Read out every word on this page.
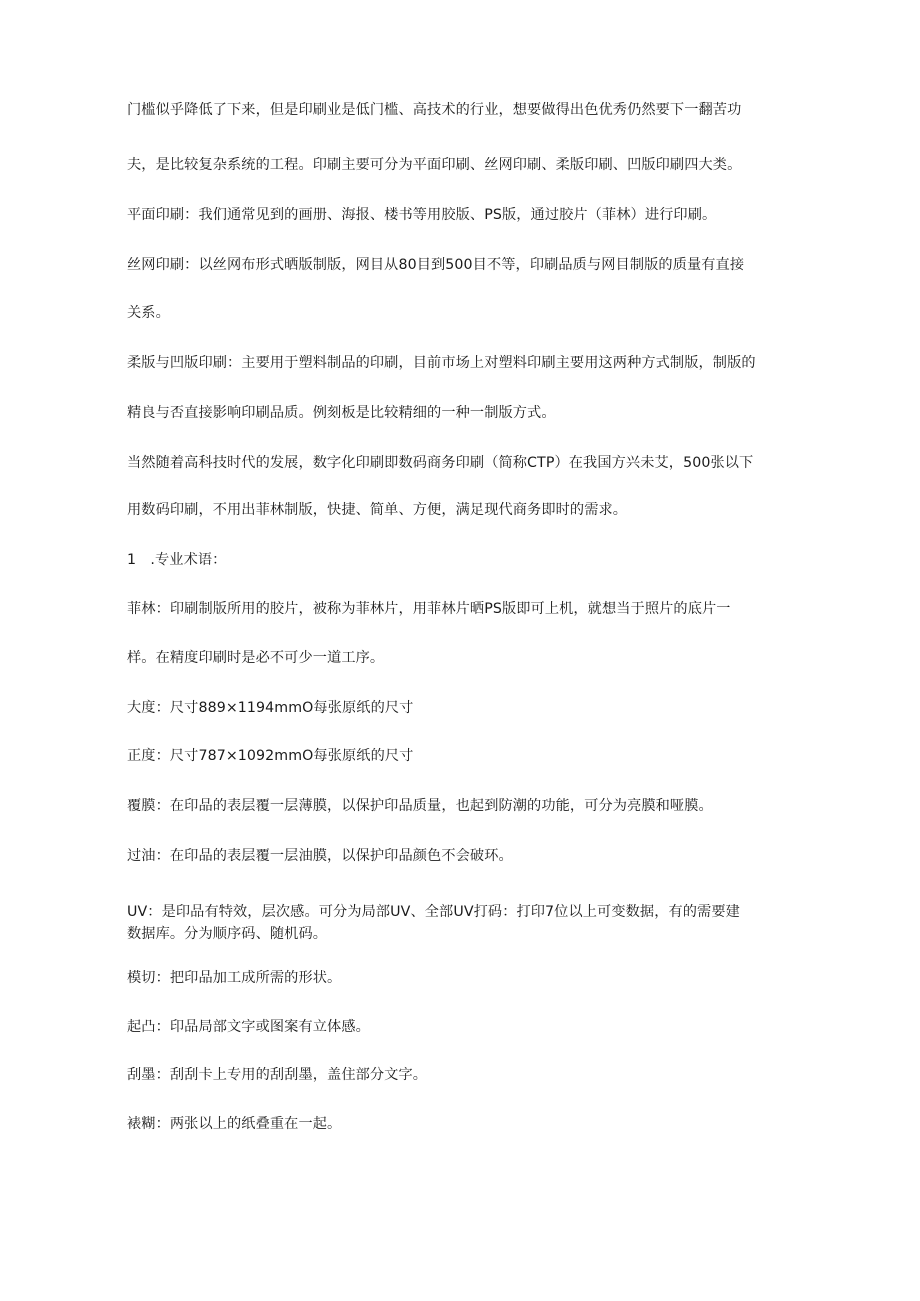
门槛似乎降低了下来，但是印刷业是低门槛、高技术的行业，想要做得出色优秀仍然要下一翻苦功
夫，是比较复杂系统的工程。印刷主要可分为平面印刷、丝网印刷、柔版印刷、凹版印刷四大类。
平面印刷：我们通常见到的画册、海报、楼书等用胶版、PS版，通过胶片（菲林）进行印刷。
丝网印刷：以丝网布形式晒版制版，网目从80目到500目不等，印刷品质与网目制版的质量有直接
关系。
柔版与凹版印刷：主要用于塑料制品的印刷，目前市场上对塑料印刷主要用这两种方式制版，制版的
精良与否直接影响印刷品质。例刻板是比较精细的一种一制版方式。
当然随着高科技时代的发展，数字化印刷即数码商务印刷（简称CTP）在我国方兴未艾，500张以下
用数码印刷，不用出菲林制版，快捷、简单、方便，满足现代商务即时的需求。
1　.专业术语：
菲林：印刷制版所用的胶片，被称为菲林片，用菲林片晒PS版即可上机，就想当于照片的底片一
样。在精度印刷时是必不可少一道工序。
大度：尺寸889×1194mmO每张原纸的尺寸
正度：尺寸787×1092mmO每张原纸的尺寸
覆膜：在印品的表层覆一层薄膜，以保护印品质量，也起到防潮的功能，可分为亮膜和哑膜。
过油：在印品的表层覆一层油膜，以保护印品颜色不会破环。
UV：是印品有特效，层次感。可分为局部UV、全部UV打码：打印7位以上可变数据，有的需要建
数据库。分为顺序码、随机码。
模切：把印品加工成所需的形状。
起凸：印品局部文字或图案有立体感。
刮墨：刮刮卡上专用的刮刮墨，盖住部分文字。
裱糊：两张以上的纸叠重在一起。
